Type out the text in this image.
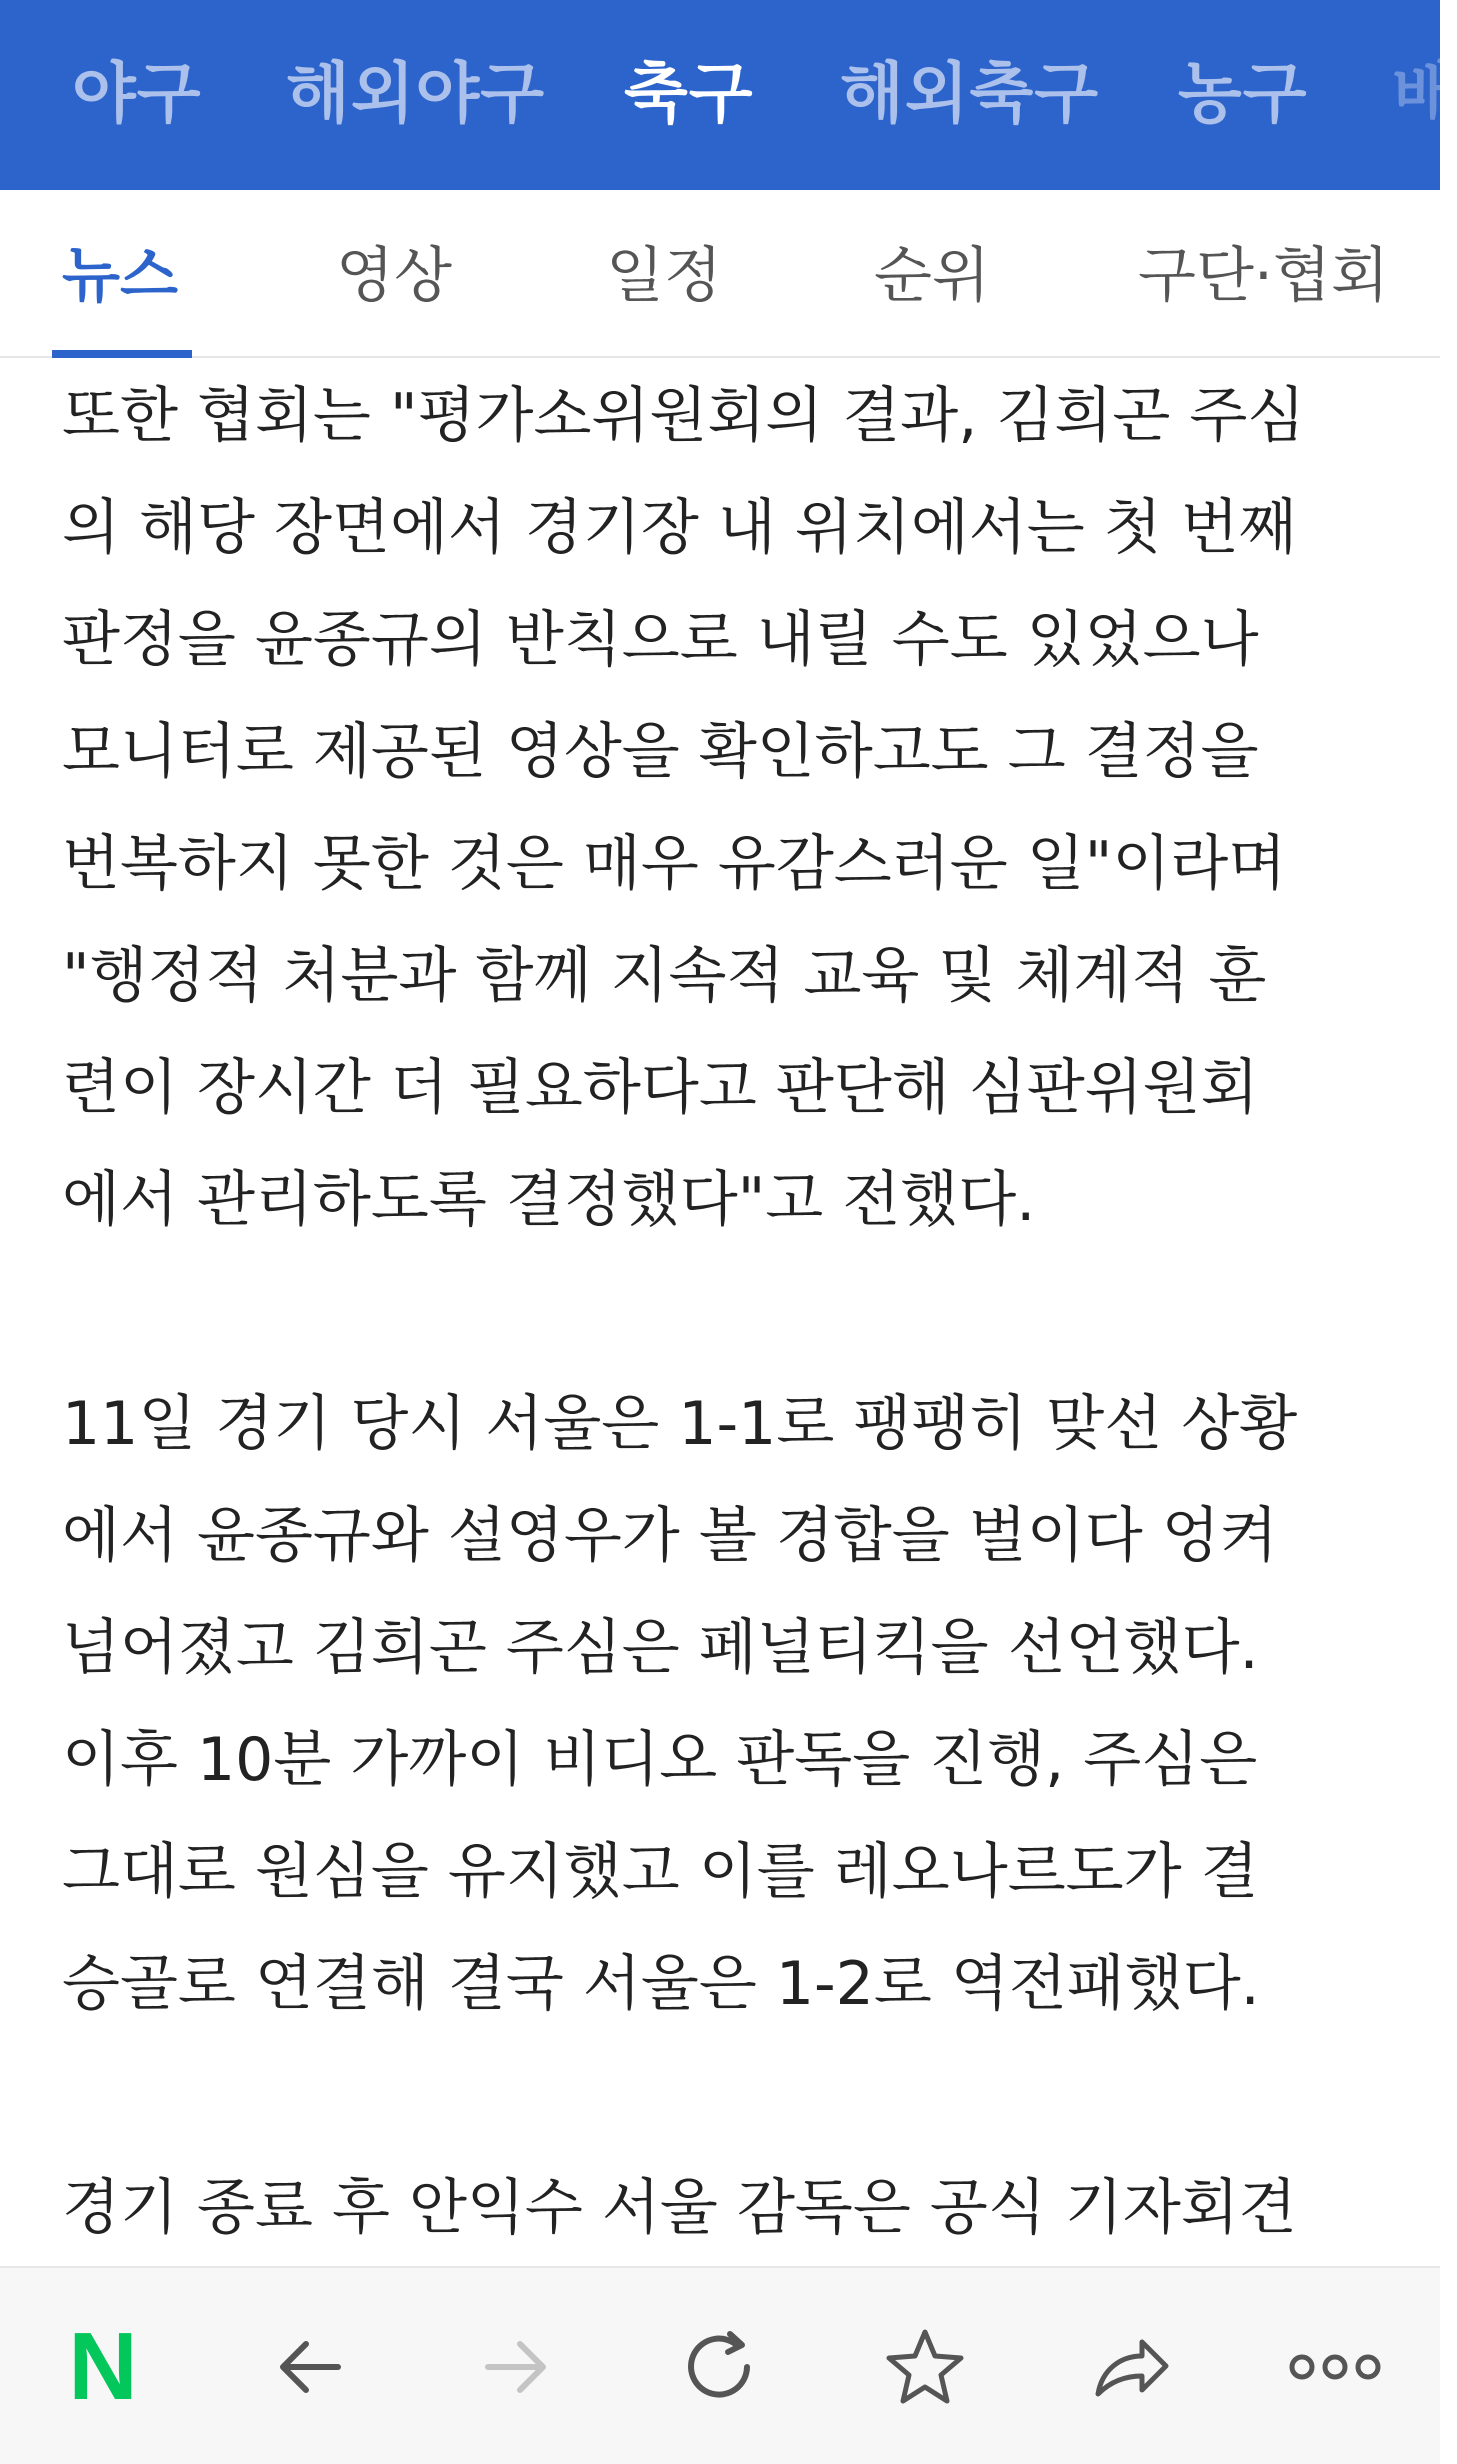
야구 해외야구 축구 해외축구 농구 배
뉴스	영상	일정	순위 구단·협회
또한 협회는 "평가소위원회의 결과, 김희곤 주심
의 해당 장면에서 경기장 내 위치에서는 첫 번째
판정을 윤종규의 반칙으로 내릴 수도 있었으나
모니터로 제공된 영상을 확인하고도 그 결정을
번복하지 못한 것은 매우 유감스러운 일"이라며
"행정적 처분과 함께 지속적 교육 및 체계적 훈
련이 장시간 더 필요하다고 판단해 심판위원회
에서 관리하도록 결정했다"고 전했다.
11일 경기 당시 서울은 1-1로 팽팽히 맞선 상황
에서 윤종규와 설영우가 볼 경합을 벌이다 엉켜
넘어졌고 김희곤 주심은 페널티킥을 선언했다.
이후 10분 가까이 비디오 판독을 진행, 주심은
그대로 원심을 유지했고 이를 레오나르도가 결
승골로 연결해 결국 서울은 1-2로 역전패했다.
경기 종료 후 안익수 서울 감독은 공식 기자회견
N
